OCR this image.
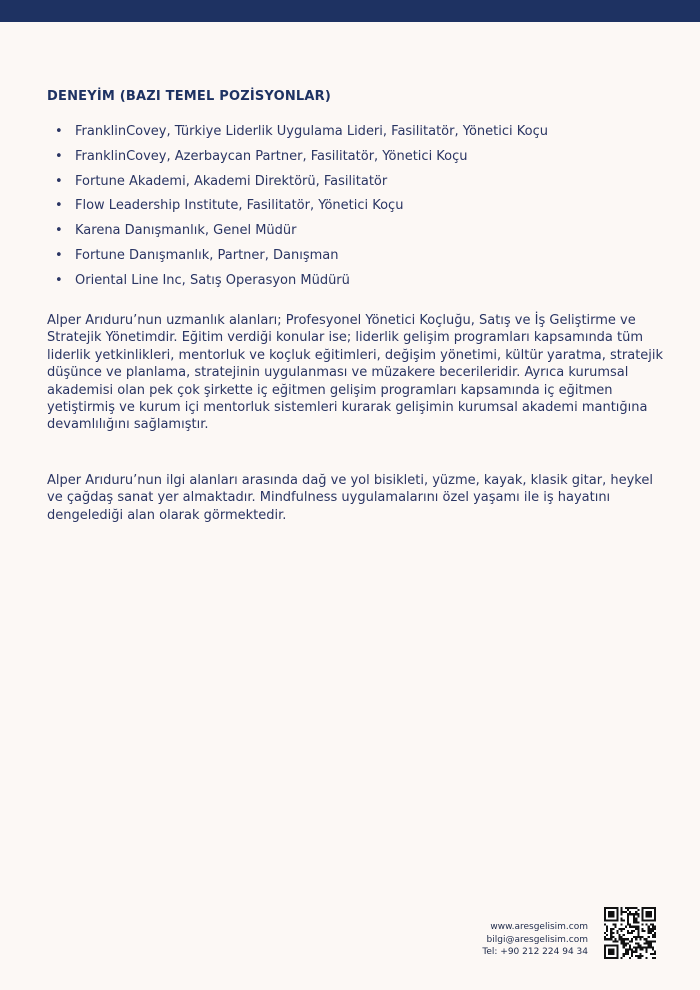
DENEYİM (BAZI TEMEL POZİSYONLAR)
• FranklinCovey, Türkiye Liderlik Uygulama Lideri, Fasilitatör, Yönetici Koçu
• FranklinCovey, Azerbaycan Partner, Fasilitatör, Yönetici Koçu
• Fortune Akademi, Akademi Direktörü, Fasilitatör
• Flow Leadership Institute, Fasilitatör, Yönetici Koçu
• Karena Danışmanlık, Genel Müdür
• Fortune Danışmanlık, Partner, Danışman
• Oriental Line Inc, Satış Operasyon Müdürü

Alper Arıduru’nun uzmanlık alanları; Profesyonel Yönetici Koçluğu, Satış ve İş Geliştirme ve Stratejik Yönetimdir. Eğitim verdiği konular ise; liderlik gelişim programları kapsamında tüm liderlik yetkinlikleri, mentorluk ve koçluk eğitimleri, değişim yönetimi, kültür yaratma, stratejik düşünce ve planlama, stratejinin uygulanması ve müzakere becerileridir. Ayrıca kurumsal akademisi olan pek çok şirkette iç eğitmen gelişim programları kapsamında iç eğitmen yetiştirmiş ve kurum içi mentorluk sistemleri kurarak gelişimin kurumsal akademi mantığına devamlılığını sağlamıştır.

Alper Arıduru’nun ilgi alanları arasında dağ ve yol bisikleti, yüzme, kayak, klasik gitar, heykel ve çağdaş sanat yer almaktadır. Mindfulness uygulamalarını özel yaşamı ile iş hayatını dengelediği alan olarak görmektedir.

www.aresgelisim.com
bilgi@aresgelisim.com
Tel: +90 212 224 94 34
